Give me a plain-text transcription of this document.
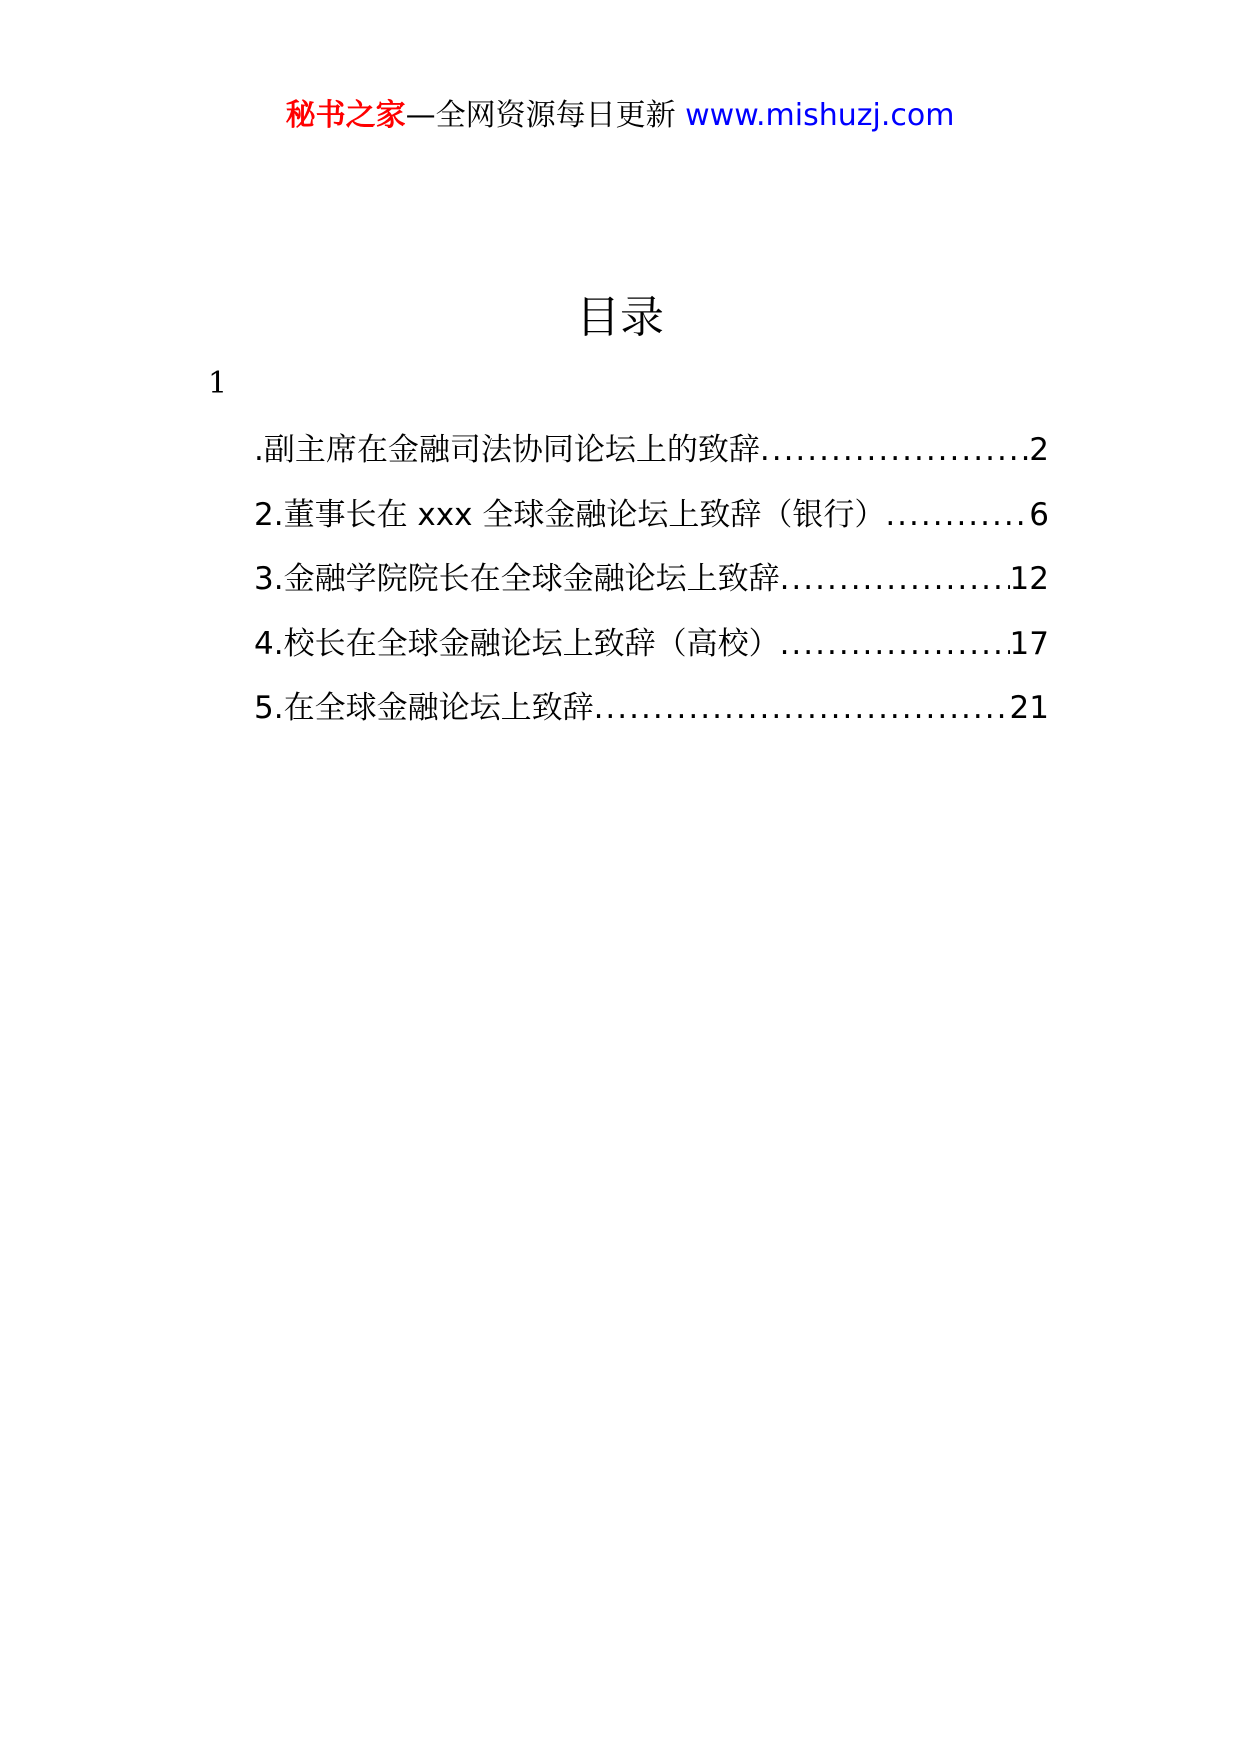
秘书之家—全网资源每日更新 www.mishuzj.com
目录
1
.副主席在金融司法协同论坛上的致辞 .....	2
2.董事长在 xxx 全球金融论坛上致辞（银行） .....	6
3.金融学院院长在全球金融论坛上致辞 .....	12
4.校长在全球金融论坛上致辞（高校） .....	17
5.在全球金融论坛上致辞 .....	21
